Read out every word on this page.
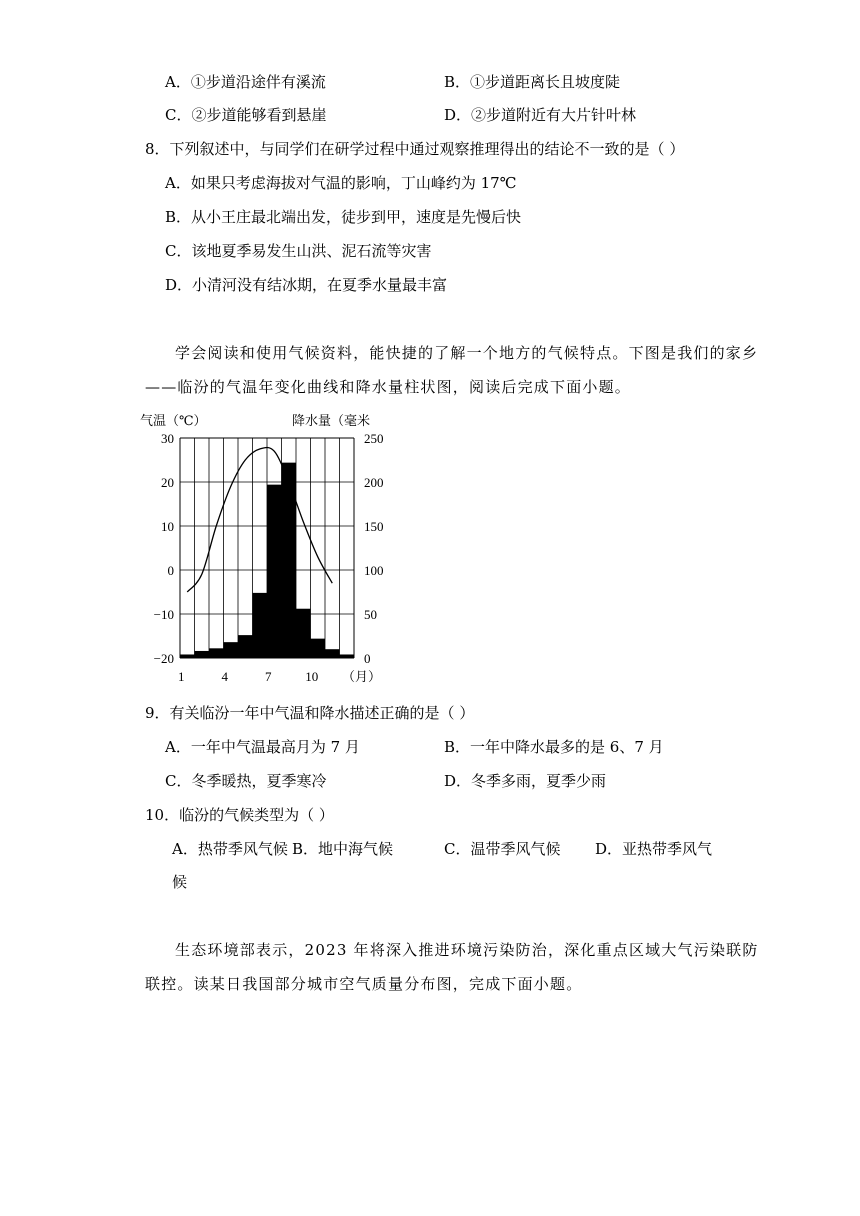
A．①步道沿途伴有溪流	B．①步道距离长且坡度陡
C．②步道能够看到悬崖	D．②步道附近有大片针叶林
8．下列叙述中，与同学们在研学过程中通过观察推理得出的结论不一致的是（ ）
A．如果只考虑海拔对气温的影响，丁山峰约为 17℃
B．从小王庄最北端出发，徒步到甲，速度是先慢后快
C．该地夏季易发生山洪、泥石流等灾害
D．小清河没有结冰期，在夏季水量最丰富
学会阅读和使用气候资料，能快捷的了解一个地方的气候特点。下图是我们的家乡
——临汾的气温年变化曲线和降水量柱状图，阅读后完成下面小题。
30
20
10
0
−10
−20
250
200
150
100
50
0
1	4	7	10 （月）
气温（℃）	降水量（毫米
9．有关临汾一年中气温和降水描述正确的是（ ）
A．一年中气温最高月为 7 月	B．一年中降水最多的是 6、7 月
C．冬季暖热，夏季寒冷	D．冬季多雨，夏季少雨
10．临汾的气候类型为（ ）
A．热带季风气候 B．地中海气候	C．温带季风气候 D．亚热带季风气
候
生态环境部表示，2023 年将深入推进环境污染防治，深化重点区域大气污染联防
联控。读某日我国部分城市空气质量分布图，完成下面小题。
